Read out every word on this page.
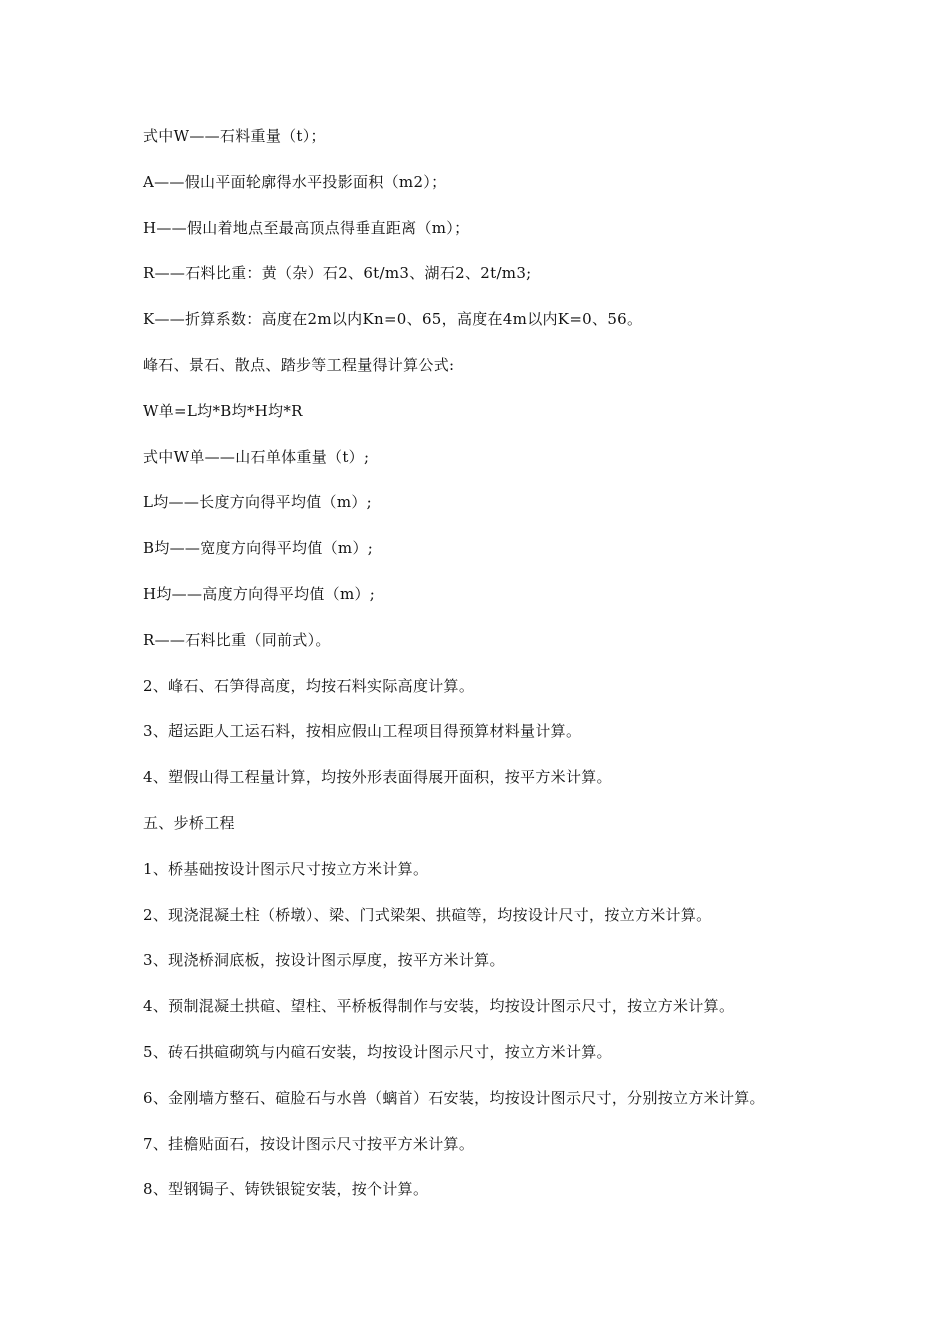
式中W——石料重量（t）；
A——假山平面轮廓得水平投影面积（m2）；
H——假山着地点至最高顶点得垂直距离（m）；
R——石料比重：黄（杂）石2、6t/m3、湖石2、2t/m3;
K——折算系数：高度在2m以内Kn=0、65，高度在4m以内K=0、56。
峰石、景石、散点、踏步等工程量得计算公式:
W单=L均*B均*H均*R
式中W单——山石单体重量（t）;
L均——长度方向得平均值（m）;
B均——宽度方向得平均值（m）;
H均——高度方向得平均值（m）;
R——石料比重（同前式）。
2、峰石、石笋得高度，均按石料实际高度计算。
3、超运距人工运石料，按相应假山工程项目得预算材料量计算。
4、塑假山得工程量计算，均按外形表面得展开面积，按平方米计算。
五、步桥工程
1、桥基础按设计图示尺寸按立方米计算。
2、现浇混凝土柱（桥墩）、梁、门式梁架、拱碹等，均按设计尺寸，按立方米计算。
3、现浇桥洞底板，按设计图示厚度，按平方米计算。
4、预制混凝土拱碹、望柱、平桥板得制作与安装，均按设计图示尺寸，按立方米计算。
5、砖石拱碹砌筑与内碹石安装，均按设计图示尺寸，按立方米计算。
6、金刚墙方整石、碹脸石与水兽（螭首）石安装，均按设计图示尺寸，分别按立方米计算。
7、挂檐贴面石，按设计图示尺寸按平方米计算。
8、型钢锔子、铸铁银锭安装，按个计算。
